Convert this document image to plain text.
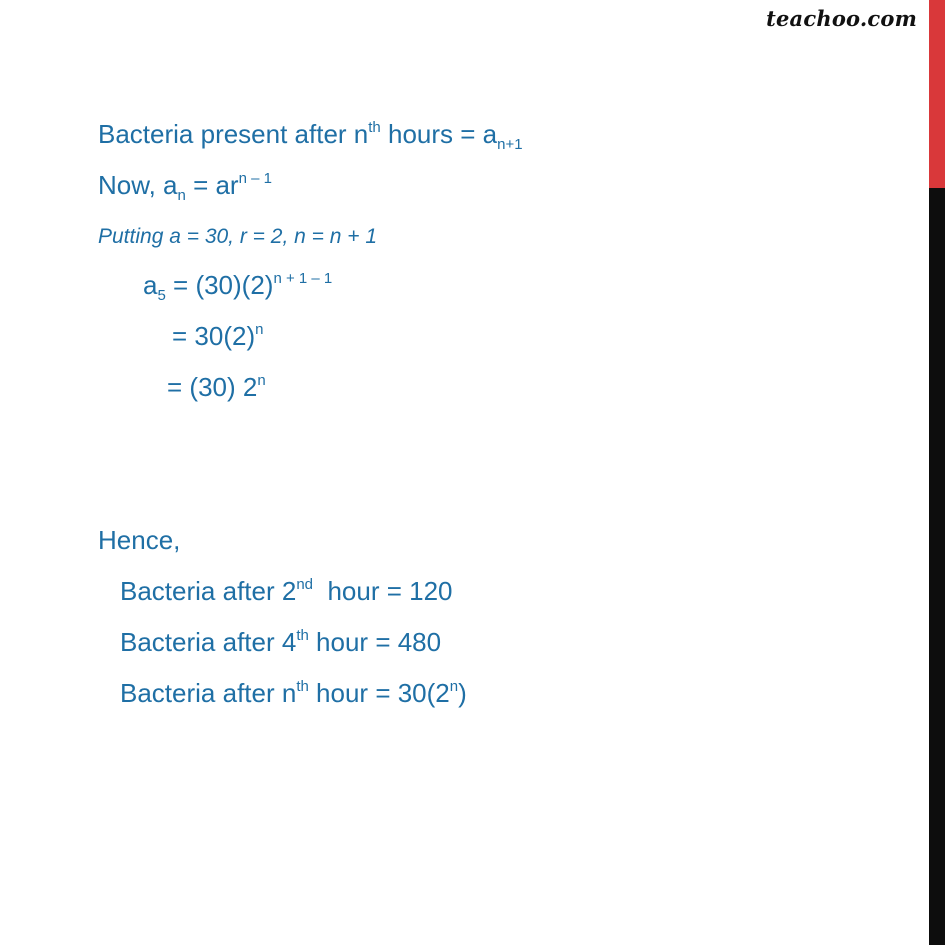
teachoo.com
Bacteria present after $n^{th}$ hours = $a_{n+1}$
Now, $a_n = ar^{n - 1}$
Putting a = 30, r = 2, n = n + 1
$a_5 = (30)(2)^{n + 1 - 1}$
= $30(2)^n$
= (30) 2$^n$
Hence,
Bacteria after 2nd  hour = 120
Bacteria after 4th hour = 480
Bacteria after $n^{th}$ hour = $30(2^n)$
